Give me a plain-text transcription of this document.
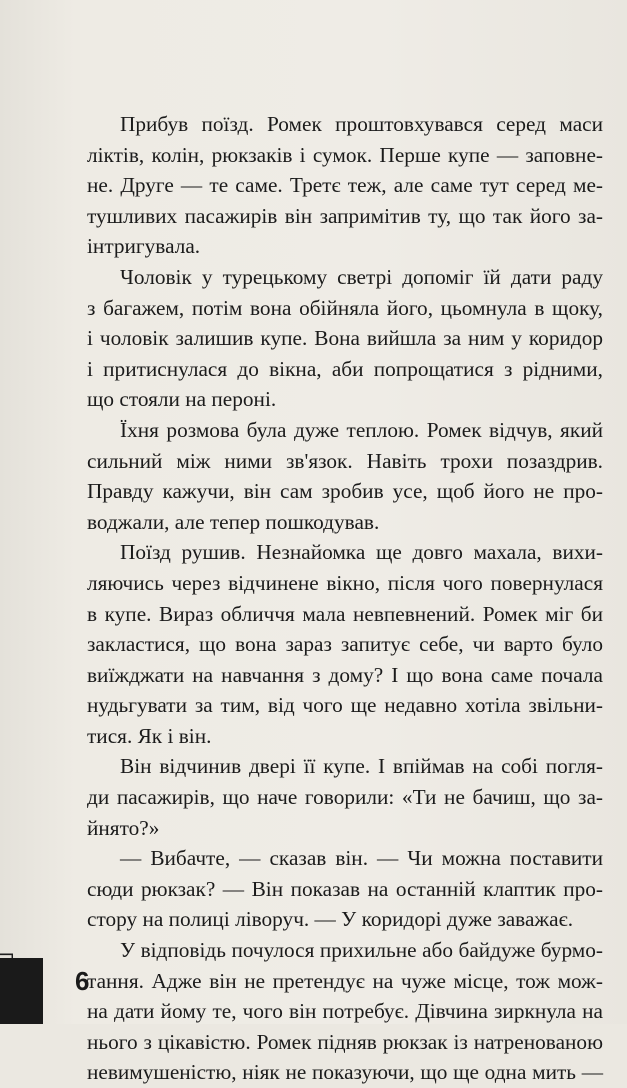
Прибув поїзд. Ромек проштовхувався серед маси
ліктів, колін, рюкзаків і сумок. Перше купе — заповне-
не. Друге — те саме. Третє теж, але саме тут серед ме-
тушливих пасажирів він запримітив ту, що так його за-
інтригувала.

Чоловік у турецькому светрі допоміг їй дати раду
з багажем, потім вона обійняла його, цьомнула в щоку,
і чоловік залишив купе. Вона вийшла за ним у коридор
і притиснулася до вікна, аби попрощатися з рідними,
що стояли на пероні.

Їхня розмова була дуже теплою. Ромек відчув, який
сильний між ними зв'язок. Навіть трохи позаздрив.
Правду кажучи, він сам зробив усе, щоб його не про-
воджали, але тепер пошкодував.

Поїзд рушив. Незнайомка ще довго махала, вихи-
ляючись через відчинене вікно, після чого повернулася
в купе. Вираз обличчя мала невпевнений. Ромек міг би
закластися, що вона зараз запитує себе, чи варто було
виїжджати на навчання з дому? І що вона саме почала
нудьгувати за тим, від чого ще недавно хотіла звільни-
тися. Як і він.

Він відчинив двері її купе. І впіймав на собі погля-
ди пасажирів, що наче говорили: «Ти не бачиш, що за-
йнято?»

— Вибачте, — сказав він. — Чи можна поставити
сюди рюкзак? — Він показав на останній клаптик про-
стору на полиці ліворуч. — У коридорі дуже заважає.

У відповідь почулося прихильне або байдуже бурмо-
тання. Адже він не претендує на чуже місце, тож мож-
на дати йому те, чого він потребує. Дівчина зиркнула на
нього з цікавістю. Ромек підняв рюкзак із натренованою
невимушеністю, ніяк не показуючи, що ще одна мить —

6
